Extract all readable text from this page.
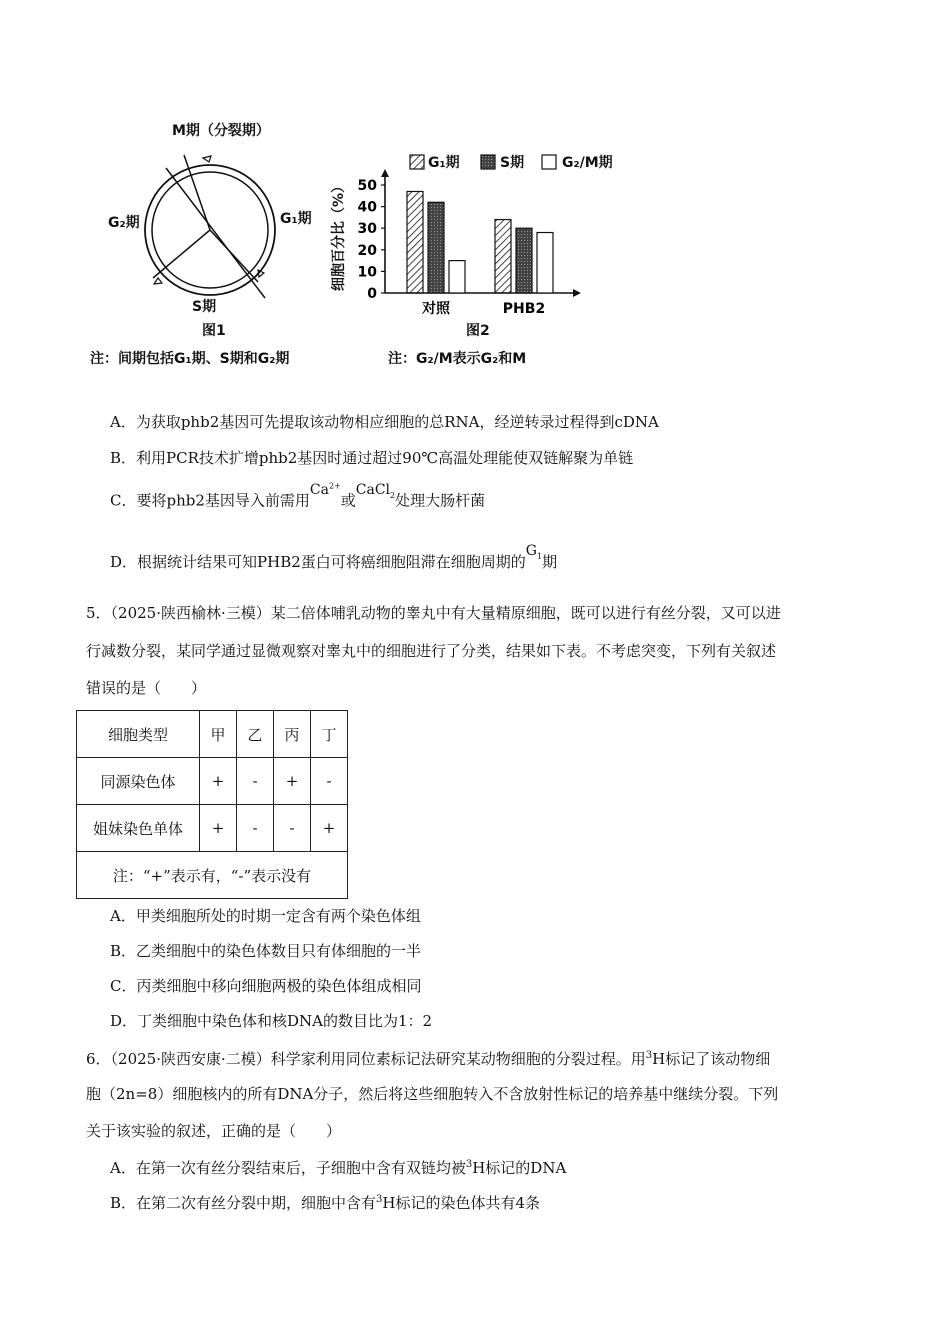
0
10
20
30
40
50
对照	PHB2
M期（分裂期）
G₂期	G₁期
S期
图1
注：间期包括G₁期、S期和G₂期
细胞百分比（%）
G₁期	S期	G₂/M期
图2
注：G₂/M表示G₂和M
A．为获取phb2基因可先提取该动物相应细胞的总RNA，经逆转录过程得到cDNA
B．利用PCR技术扩增phb2基因时通过超过90℃高温处理能使双链解聚为单链
C．要将phb2基因导入前需用$Ca^{2+}$或CaCl$_2$处理大肠杆菌
D．根据统计结果可知PHB2蛋白可将癌细胞阻滞在细胞周期的$G_1$期
5．（2025·陕西榆林·三模）某二倍体哺乳动物的睾丸中有大量精原细胞，既可以进行有丝分裂，又可以进
行减数分裂，某同学通过显微观察对睾丸中的细胞进行了分类，结果如下表。不考虑突变，下列有关叙述
错误的是（　　）
细胞类型	甲	乙	丙	丁
同源染色体	+	-	+	-
姐妹染色单体	+	-	-	+
注：“+”表示有，“-”表示没有				
A．甲类细胞所处的时期一定含有两个染色体组
B．乙类细胞中的染色体数目只有体细胞的一半
C．丙类细胞中移向细胞两极的染色体组成相同
D．丁类细胞中染色体和核DNA的数目比为1：2
6．（2025·陕西安康·二模）科学家利用同位素标记法研究某动物细胞的分裂过程。用$^3$H标记了该动物细
胞（2n=8）细胞核内的所有DNA分子，然后将这些细胞转入不含放射性标记的培养基中继续分裂。下列
关于该实验的叙述，正确的是（　　）
A．在第一次有丝分裂结束后，子细胞中含有双链均被$^3$H标记的DNA
B．在第二次有丝分裂中期，细胞中含有$^3$H标记的染色体共有4条
